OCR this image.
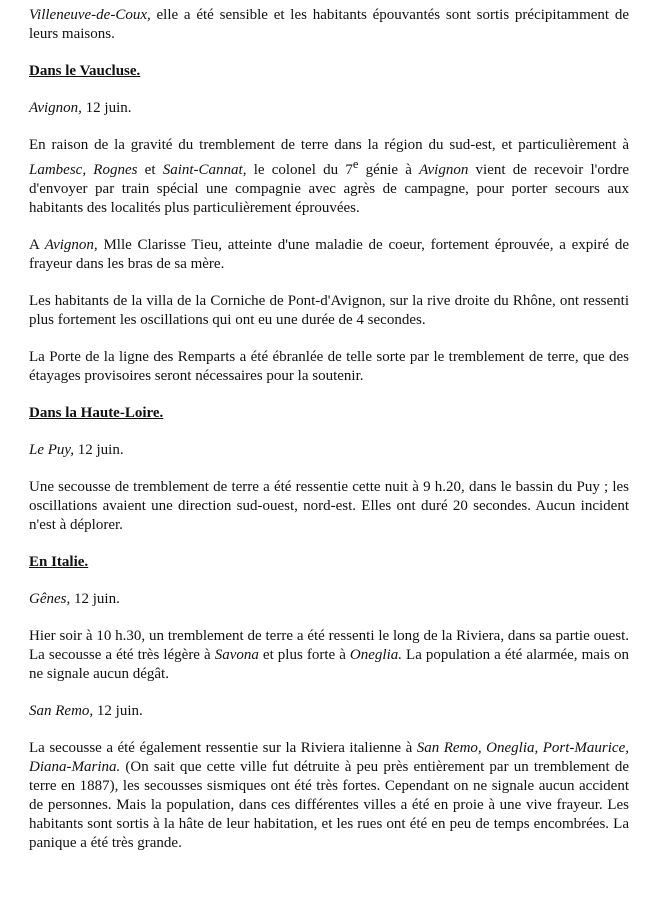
Villeneuve-de-Coux, elle a été sensible et les habitants épouvantés sont sortis précipitamment de leurs maisons.

Dans le Vaucluse.

Avignon, 12 juin.

En raison de la gravité du tremblement de terre dans la région du sud-est, et particulièrement à Lambesc, Rognes et Saint-Cannat, le colonel du 7e génie à Avignon vient de recevoir l'ordre d'envoyer par train spécial une compagnie avec agrès de campagne, pour porter secours aux habitants des localités plus particulièrement éprouvées.

A Avignon, Mlle Clarisse Tieu, atteinte d'une maladie de coeur, fortement éprouvée, a expiré de frayeur dans les bras de sa mère.

Les habitants de la villa de la Corniche de Pont-d'Avignon, sur la rive droite du Rhône, ont ressenti plus fortement les oscillations qui ont eu une durée de 4 secondes.

La Porte de la ligne des Remparts a été ébranlée de telle sorte par le tremblement de terre, que des étayages provisoires seront nécessaires pour la soutenir.

Dans la Haute-Loire.

Le Puy, 12 juin.

Une secousse de tremblement de terre a été ressentie cette nuit à 9 h.20, dans le bassin du Puy ; les oscillations avaient une direction sud-ouest, nord-est. Elles ont duré 20 secondes. Aucun incident n'est à déplorer.

En Italie.

Gênes, 12 juin.

Hier soir à 10 h.30, un tremblement de terre a été ressenti le long de la Riviera, dans sa partie ouest. La secousse a été très légère à Savona et plus forte à Oneglia. La population a été alarmée, mais on ne signale aucun dégât.

San Remo, 12 juin.

La secousse a été également ressentie sur la Riviera italienne à San Remo, Oneglia, Port-Maurice, Diana-Marina. (On sait que cette ville fut détruite à peu près entièrement par un tremblement de terre en 1887), les secousses sismiques ont été très fortes. Cependant on ne signale aucun accident de personnes. Mais la population, dans ces différentes villes a été en proie à une vive frayeur. Les habitants sont sortis à la hâte de leur habitation, et les rues ont été en peu de temps encombrées. La panique a été très grande.
